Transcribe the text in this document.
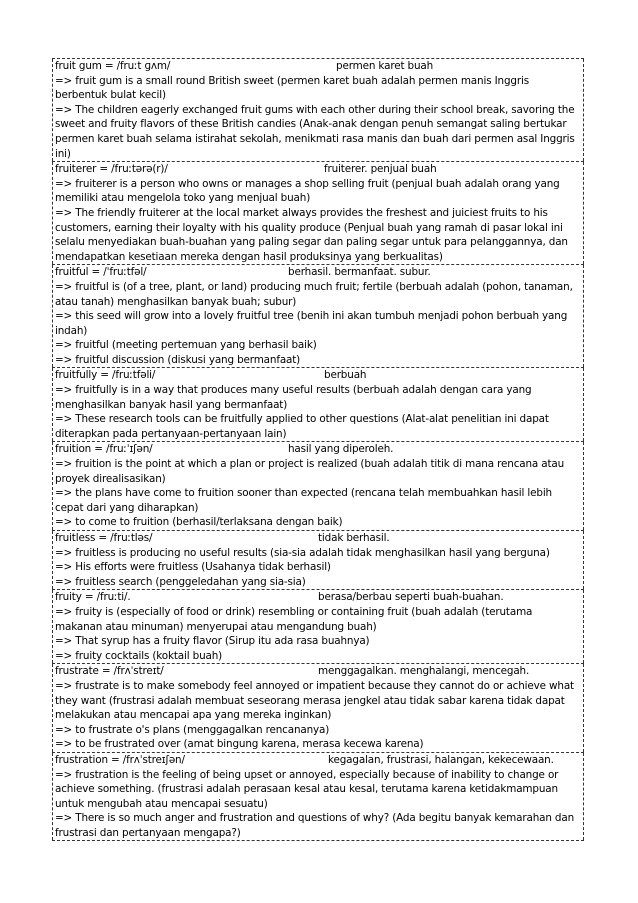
fruit gum = /fruːt ɡʌm/	permen karet buah
=> fruit gum is a small round British sweet (permen karet buah adalah permen manis Inggris berbentuk bulat kecil)
=> The children eagerly exchanged fruit gums with each other during their school break, savoring the sweet and fruity flavors of these British candies (Anak-anak dengan penuh semangat saling bertukar permen karet buah selama istirahat sekolah, menikmati rasa manis dan buah dari permen asal Inggris ini)
fruiterer = /fruːtərə(r)/	fruiterer. penjual buah
=> fruiterer is a person who owns or manages a shop selling fruit (penjual buah adalah orang yang memiliki atau mengelola toko yang menjual buah)
=> The friendly fruiterer at the local market always provides the freshest and juiciest fruits to his customers, earning their loyalty with his quality produce (Penjual buah yang ramah di pasar lokal ini selalu menyediakan buah-buahan yang paling segar dan paling segar untuk para pelanggannya, dan mendapatkan kesetiaan mereka dengan hasil produksinya yang berkualitas)
fruitful = /ˈfruːtfəl/	berhasil. bermanfaat. subur.
=> fruitful is (of a tree, plant, or land) producing much fruit; fertile (berbuah adalah (pohon, tanaman, atau tanah) menghasilkan banyak buah; subur)
=> this seed will grow into a lovely fruitful tree (benih ini akan tumbuh menjadi pohon berbuah yang indah)
=> fruitful (meeting pertemuan yang berhasil baik)
=> fruitful discussion (diskusi yang bermanfaat)
fruitfully = /fruːtfəli/	berbuah
=> fruitfully is in a way that produces many useful results (berbuah adalah dengan cara yang menghasilkan banyak hasil yang bermanfaat)
=> These research tools can be fruitfully applied to other questions (Alat-alat penelitian ini dapat diterapkan pada pertanyaan-pertanyaan lain)
fruition = /fruːˈɪʃən/	hasil yang diperoleh.
=> fruition is the point at which a plan or project is realized (buah adalah titik di mana rencana atau proyek direalisasikan)
=> the plans have come to fruition sooner than expected (rencana telah membuahkan hasil lebih cepat dari yang diharapkan)
=> to come to fruition (berhasil/terlaksana dengan baik)
fruitless = /fruːtləs/	tidak berhasil.
=> fruitless is producing no useful results (sia-sia adalah tidak menghasilkan hasil yang berguna)
=> His efforts were fruitless (Usahanya tidak berhasil)
=> fruitless search (penggeledahan yang sia-sia)
fruity = /fruːti/.	berasa/berbau seperti buah-buahan.
=> fruity is (especially of food or drink) resembling or containing fruit (buah adalah (terutama makanan atau minuman) menyerupai atau mengandung buah)
=> That syrup has a fruity flavor (Sirup itu ada rasa buahnya)
=> fruity cocktails (koktail buah)
frustrate = /frʌˈstreɪt/	menggagalkan. menghalangi, mencegah.
=> frustrate is to make somebody feel annoyed or impatient because they cannot do or achieve what they want (frustrasi adalah membuat seseorang merasa jengkel atau tidak sabar karena tidak dapat melakukan atau mencapai apa yang mereka inginkan)
=> to frustrate o's plans (menggagalkan rencananya)
=> to be frustrated over (amat bingung karena, merasa kecewa karena)
frustration = /frʌˈstreɪʃən/	kegagalan, frustrasi, halangan, kekecewaan.
=> frustration is the feeling of being upset or annoyed, especially because of inability to change or achieve something. (frustrasi adalah perasaan kesal atau kesal, terutama karena ketidakmampuan untuk mengubah atau mencapai sesuatu)
=> There is so much anger and frustration and questions of why? (Ada begitu banyak kemarahan dan frustrasi dan pertanyaan mengapa?)
